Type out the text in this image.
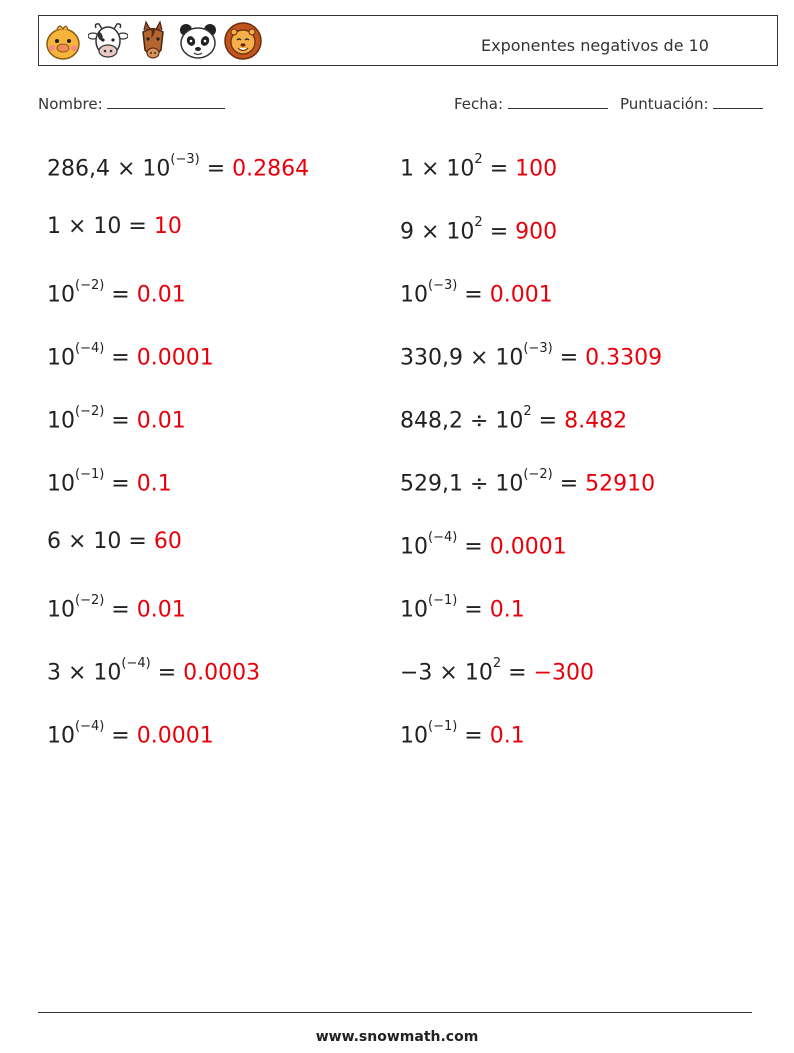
Exponentes negativos de 10
Nombre:	Fecha:	Puntuación:
$286,4 \times 10^{(-3)} = 0.2864$
1 × 10 = 10
$10^{(-2)} = 0.01$
$10^{(-4)} = 0.0001$
$10^{(-2)} = 0.01$
$10^{(-1)} = 0.1$
6 × 10 = 60
$10^{(-2)} = 0.01$
$3 \times 10^{(-4)} = 0.0003$
$10^{(-4)} = 0.0001$
$1 \times 10^2 = 100$
$9 \times 10^2 = 900$
$10^{(-3)} = 0.001$
$330,9 \times 10^{(-3)} = 0.3309$
$848,2 \div 10^2 = 8.482$
$529,1 \div 10^{(-2)} = 52910$
$10^{(-4)} = 0.0001$
$10^{(-1)} = 0.1$
$-3 \times 10^2 = -300$
$10^{(-1)} = 0.1$
www.snowmath.com
